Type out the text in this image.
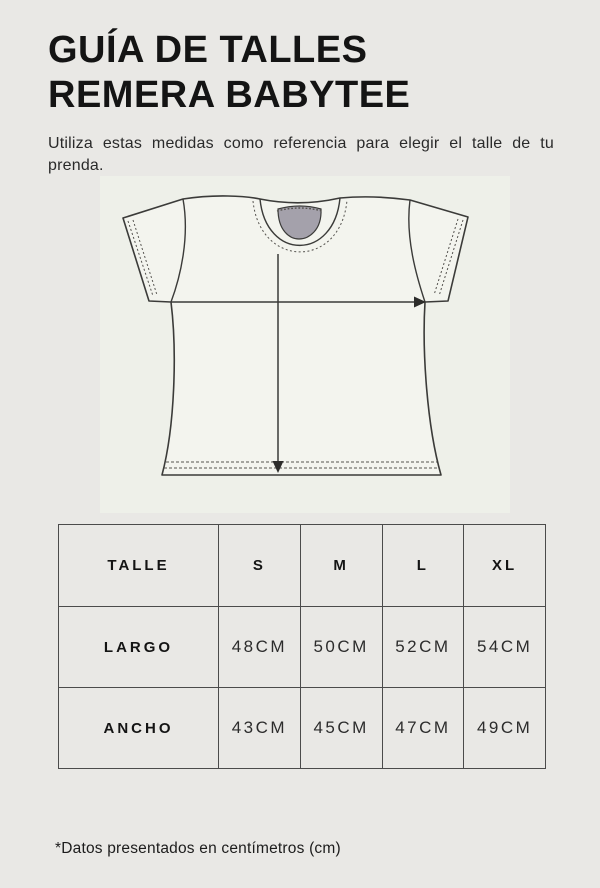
GUÍA DE TALLES
REMERA BABYTEE
Utiliza estas medidas como referencia para elegir el talle de tu prenda.
TALLE	S	M	L	XL
LARGO	48CM	50CM	52CM	54CM
ANCHO	43CM	45CM	47CM	49CM
*Datos presentados en centímetros (cm)
